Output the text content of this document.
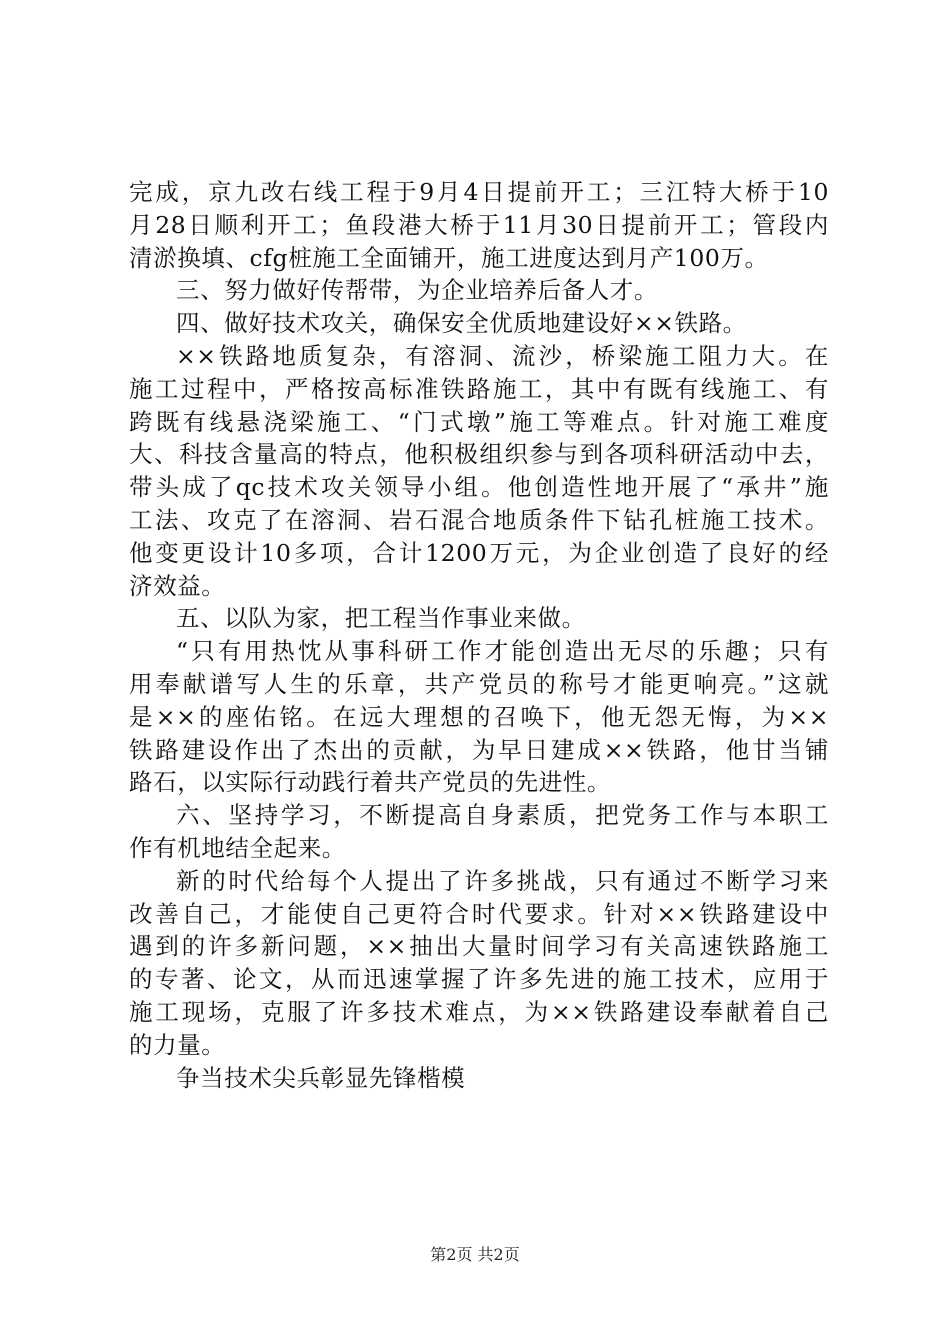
完成，京九改右线工程于9月4日提前开工；三江特大桥于10
月28日顺利开工；鱼段港大桥于11月30日提前开工；管段内
清淤换填、cfg桩施工全面铺开，施工进度达到月产100万。
三、努力做好传帮带，为企业培养后备人才。
四、做好技术攻关，确保安全优质地建设好××铁路。
××铁路地质复杂，有溶洞、流沙，桥梁施工阻力大。在
施工过程中，严格按高标准铁路施工，其中有既有线施工、有
跨既有线悬浇梁施工、“门式墩”施工等难点。针对施工难度
大、科技含量高的特点，他积极组织参与到各项科研活动中去，
带头成了qc技术攻关领导小组。他创造性地开展了“承井”施
工法、攻克了在溶洞、岩石混合地质条件下钻孔桩施工技术。
他变更设计10多项，合计1200万元，为企业创造了良好的经
济效益。
五、以队为家，把工程当作事业来做。
“只有用热忱从事科研工作才能创造出无尽的乐趣；只有
用奉献谱写人生的乐章，共产党员的称号才能更响亮。”这就
是××的座佑铭。在远大理想的召唤下，他无怨无悔，为××
铁路建设作出了杰出的贡献，为早日建成××铁路，他甘当铺
路石，以实际行动践行着共产党员的先进性。
六、坚持学习，不断提高自身素质，把党务工作与本职工
作有机地结全起来。
新的时代给每个人提出了许多挑战，只有通过不断学习来
改善自己，才能使自己更符合时代要求。针对××铁路建设中
遇到的许多新问题，××抽出大量时间学习有关高速铁路施工
的专著、论文，从而迅速掌握了许多先进的施工技术，应用于
施工现场，克服了许多技术难点，为××铁路建设奉献着自己
的力量。
争当技术尖兵彰显先锋楷模
第2页 共2页
